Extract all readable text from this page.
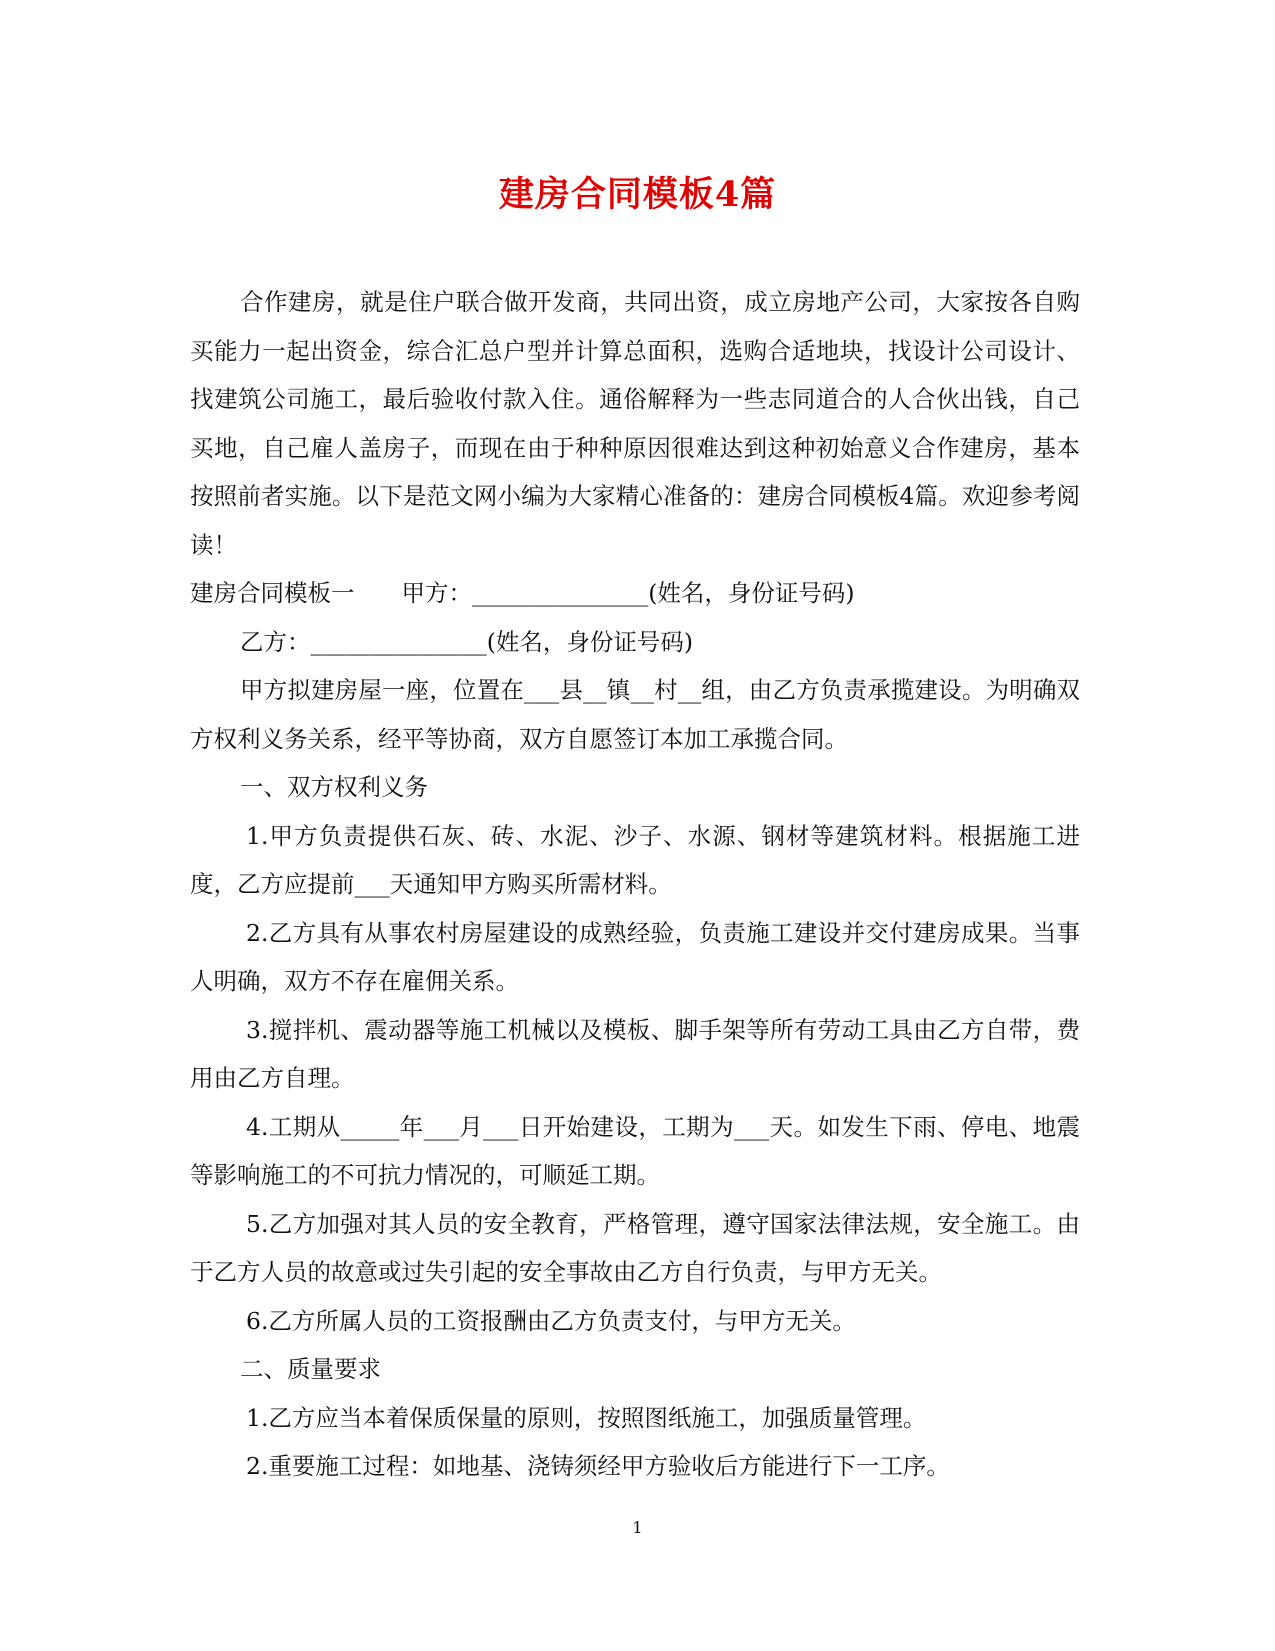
建房合同模板4篇

合作建房，就是住户联合做开发商，共同出资，成立房地产公司，大家按各自购买能力一起出资金，综合汇总户型并计算总面积，选购合适地块，找设计公司设计、找建筑公司施工，最后验收付款入住。通俗解释为一些志同道合的人合伙出钱，自己买地，自己雇人盖房子，而现在由于种种原因很难达到这种初始意义合作建房，基本按照前者实施。以下是范文网小编为大家精心准备的：建房合同模板4篇。欢迎参考阅读！

建房合同模板一　　甲方：_______________(姓名，身份证号码)

乙方：_______________(姓名，身份证号码)

甲方拟建房屋一座，位置在___县__镇__村__组，由乙方负责承揽建设。为明确双方权利义务关系，经平等协商，双方自愿签订本加工承揽合同。

一、双方权利义务

1.甲方负责提供石灰、砖、水泥、沙子、水源、钢材等建筑材料。根据施工进度，乙方应提前___天通知甲方购买所需材料。

2.乙方具有从事农村房屋建设的成熟经验，负责施工建设并交付建房成果。当事人明确，双方不存在雇佣关系。

3.搅拌机、震动器等施工机械以及模板、脚手架等所有劳动工具由乙方自带，费用由乙方自理。

4.工期从_____年___月___日开始建设，工期为___天。如发生下雨、停电、地震等影响施工的不可抗力情况的，可顺延工期。

5.乙方加强对其人员的安全教育，严格管理，遵守国家法律法规，安全施工。由于乙方人员的故意或过失引起的安全事故由乙方自行负责，与甲方无关。

6.乙方所属人员的工资报酬由乙方负责支付，与甲方无关。

二、质量要求

1.乙方应当本着保质保量的原则，按照图纸施工，加强质量管理。

2.重要施工过程：如地基、浇铸须经甲方验收后方能进行下一工序。

1
